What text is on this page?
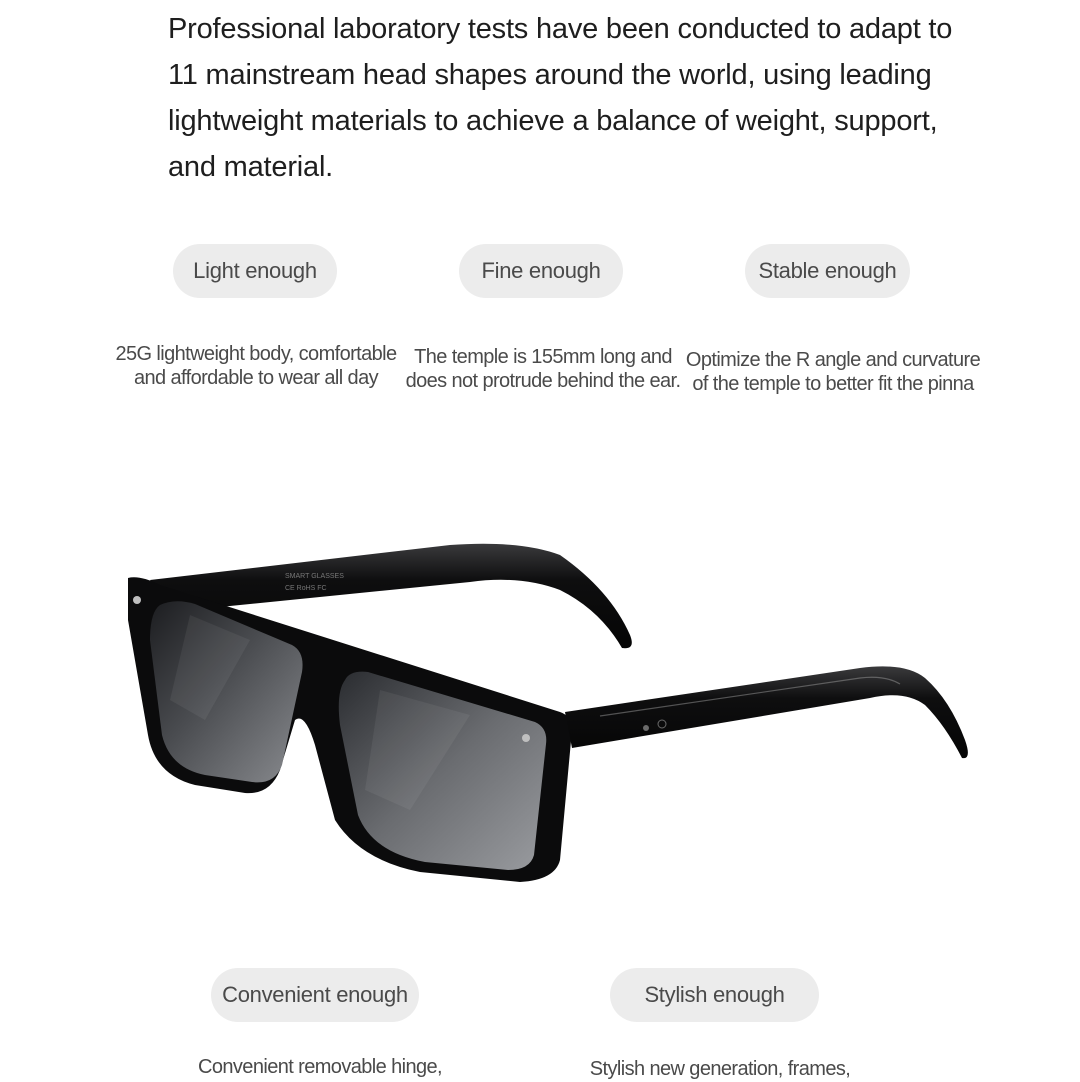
Professional laboratory tests have been conducted to adapt to 11 mainstream head shapes around the world, using leading lightweight materials to achieve a balance of weight, support, and material.

Light enough	Fine enough	Stable enough

25G lightweight body, comfortable and affordable to wear all day

The temple is 155mm long and does not protrude behind the ear.

Optimize the R angle and curvature of the temple to better fit the pinna

SMART GLASSES
CE RoHS FC
Convenient enough	Stylish enough

Convenient removable hinge,	Stylish new generation, frames,
